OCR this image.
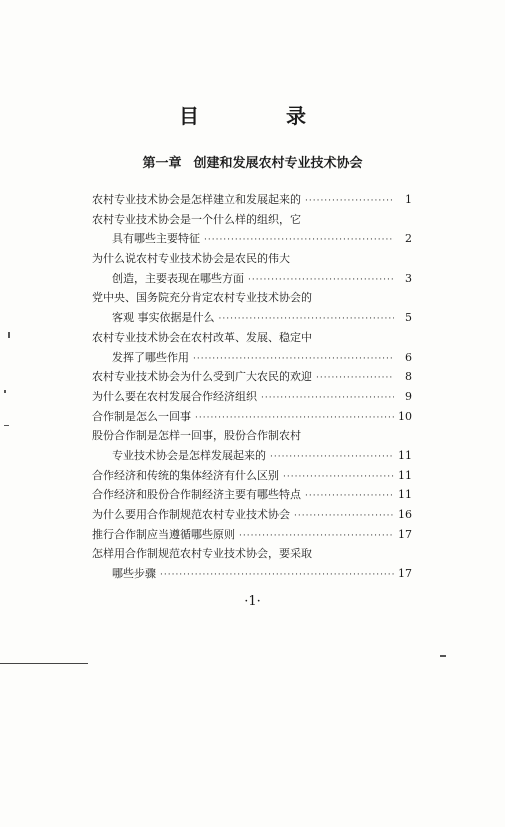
目 录
第一章 创建和发展农村专业技术协会
农村专业技术协会是怎样建立和发展起来的 ·····	1
农村专业技术协会是一个什么样的组织，它
具有哪些主要特征 ·····	2
为什么说农村专业技术协会是农民的伟大
创造，主要表现在哪些方面 ·····	3
党中央、国务院充分肯定农村专业技术协会的
客观 事实依据是什么 ·····	5
农村专业技术协会在农村改革、发展、稳定中
发挥了哪些作用 ·····	6
农村专业技术协会为什么受到广大农民的欢迎 ·····	8
为什么要在农村发展合作经济组织 ·····	9
合作制是怎么一回事 ·····	10
股份合作制是怎样一回事，股份合作制农村
专业技术协会是怎样发展起来的 ·····	11
合作经济和传统的集体经济有什么区别 ·····	11
合作经济和股份合作制经济主要有哪些特点 ·····	11
为什么要用合作制规范农村专业技术协会 ·····	16
推行合作制应当遵循哪些原则 ·····	17
怎样用合作制规范农村专业技术协会，要采取
哪些步骤 ·····	17
·1·
